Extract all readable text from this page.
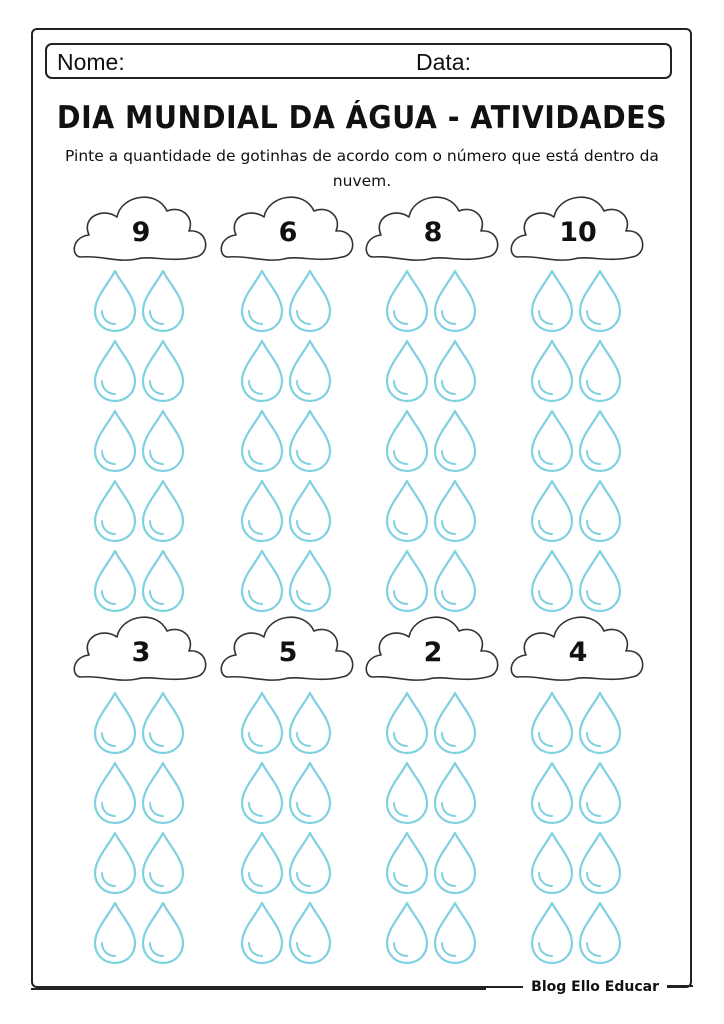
Nome:	Data:
DIA MUNDIAL DA ÁGUA - ATIVIDADES
Pinte a quantidade de gotinhas de acordo com o número que está dentro da nuvem.
9	6	8	10
3	5	2	4
Blog Ello Educar
